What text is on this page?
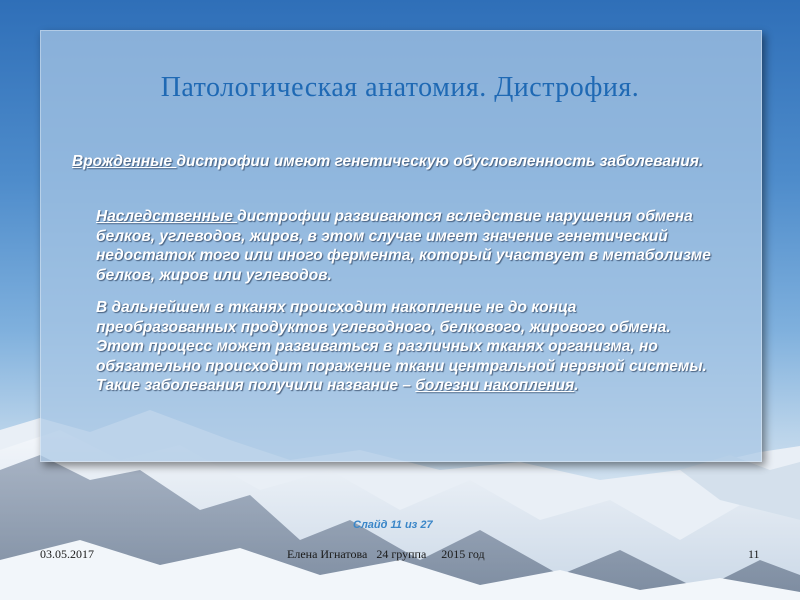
Патологическая анатомия. Дистрофия.
Врожденные дистрофии имеют генетическую обусловленность заболевания.
Наследственные дистрофии развиваются вследствие нарушения обмена белков, углеводов, жиров, в этом случае имеет значение генетический недостаток того или иного фермента, который участвует в метаболизме белков, жиров или углеводов.
В дальнейшем в тканях происходит накопление не до конца преобразованных продуктов углеводного, белкового, жирового обмена. Этот процесс может развиваться в различных тканях организма, но обязательно происходит поражение ткани центральной нервной системы. Такие заболевания получили название – болезни накопления.
Слайд 11 из 27
03.05.2017	Елена Игнатова   24 группа     2015 год	11
